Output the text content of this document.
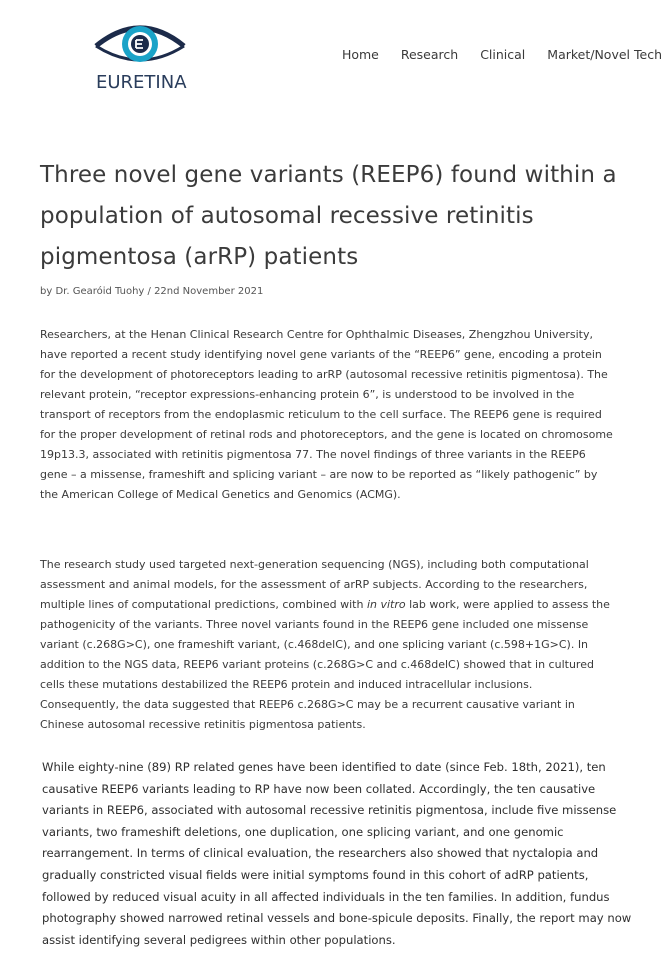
EURETINA
Home Research Clinical Market/Novel Tech
Three novel gene variants (REEP6) found within a population of autosomal recessive retinitis pigmentosa (arRP) patients
by Dr. Gearóid Tuohy / 22nd November 2021

Researchers, at the Henan Clinical Research Centre for Ophthalmic Diseases, Zhengzhou University, have reported a recent study identifying novel gene variants of the “REEP6” gene, encoding a protein for the development of photoreceptors leading to arRP (autosomal recessive retinitis pigmentosa). The relevant protein, “receptor expressions-enhancing protein 6”, is understood to be involved in the transport of receptors from the endoplasmic reticulum to the cell surface. The REEP6 gene is required for the proper development of retinal rods and photoreceptors, and the gene is located on chromosome 19p13.3, associated with retinitis pigmentosa 77. The novel findings of three variants in the REEP6 gene – a missense, frameshift and splicing variant – are now to be reported as “likely pathogenic” by the American College of Medical Genetics and Genomics (ACMG).

The research study used targeted next-generation sequencing (NGS), including both computational assessment and animal models, for the assessment of arRP subjects. According to the researchers, multiple lines of computational predictions, combined with in vitro lab work, were applied to assess the pathogenicity of the variants. Three novel variants found in the REEP6 gene included one missense variant (c.268G>C), one frameshift variant, (c.468delC), and one splicing variant (c.598+1G>C). In addition to the NGS data, REEP6 variant proteins (c.268G>C and c.468delC) showed that in cultured cells these mutations destabilized the REEP6 protein and induced intracellular inclusions. Consequently, the data suggested that REEP6 c.268G>C may be a recurrent causative variant in Chinese autosomal recessive retinitis pigmentosa patients.

While eighty-nine (89) RP related genes have been identified to date (since Feb. 18th, 2021), ten causative REEP6 variants leading to RP have now been collated. Accordingly, the ten causative variants in REEP6, associated with autosomal recessive retinitis pigmentosa, include five missense variants, two frameshift deletions, one duplication, one splicing variant, and one genomic rearrangement. In terms of clinical evaluation, the researchers also showed that nyctalopia and gradually constricted visual fields were initial symptoms found in this cohort of adRP patients, followed by reduced visual acuity in all affected individuals in the ten families. In addition, fundus photography showed narrowed retinal vessels and bone-spicule deposits. Finally, the report may now assist identifying several pedigrees within other populations.
